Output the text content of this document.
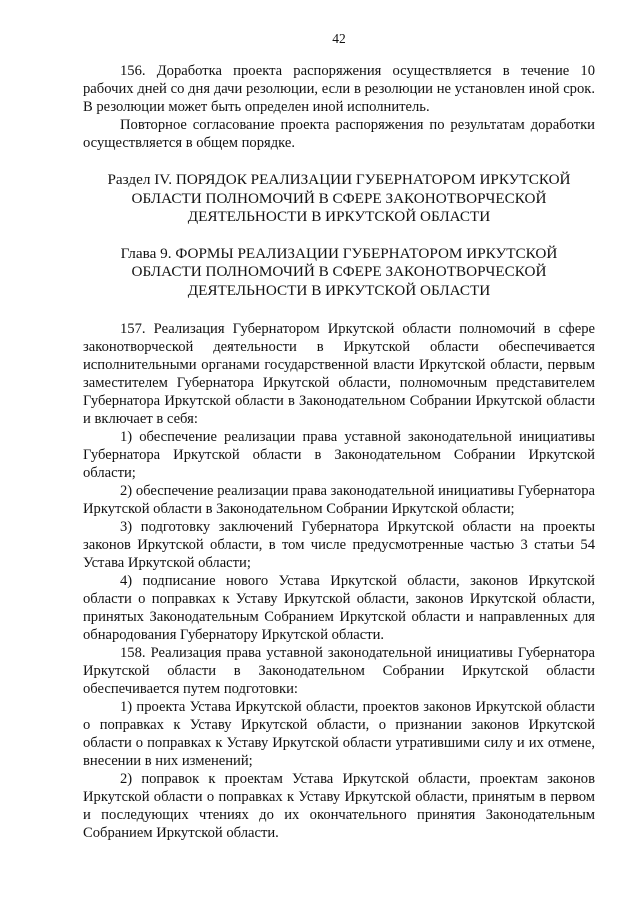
42

156. Доработка проекта распоряжения осуществляется в течение 10 рабочих дней со дня дачи резолюции, если в резолюции не установлен иной срок. В резолюции может быть определен иной исполнитель.

Повторное согласование проекта распоряжения по результатам доработки осуществляется в общем порядке.

Раздел IV. ПОРЯДОК РЕАЛИЗАЦИИ ГУБЕРНАТОРОМ ИРКУТСКОЙ ОБЛАСТИ ПОЛНОМОЧИЙ В СФЕРЕ ЗАКОНОТВОРЧЕСКОЙ ДЕЯТЕЛЬНОСТИ В ИРКУТСКОЙ ОБЛАСТИ

Глава 9. ФОРМЫ РЕАЛИЗАЦИИ ГУБЕРНАТОРОМ ИРКУТСКОЙ ОБЛАСТИ ПОЛНОМОЧИЙ В СФЕРЕ ЗАКОНОТВОРЧЕСКОЙ ДЕЯТЕЛЬНОСТИ В ИРКУТСКОЙ ОБЛАСТИ

157. Реализация Губернатором Иркутской области полномочий в сфере законотворческой деятельности в Иркутской области обеспечивается исполнительными органами государственной власти Иркутской области, первым заместителем Губернатора Иркутской области, полномочным представителем Губернатора Иркутской области в Законодательном Собрании Иркутской области и включает в себя:

1) обеспечение реализации права уставной законодательной инициативы Губернатора Иркутской области в Законодательном Собрании Иркутской области;

2) обеспечение реализации права законодательной инициативы Губернатора Иркутской области в Законодательном Собрании Иркутской области;

3) подготовку заключений Губернатора Иркутской области на проекты законов Иркутской области, в том числе предусмотренные частью 3 статьи 54 Устава Иркутской области;

4) подписание нового Устава Иркутской области, законов Иркутской области о поправках к Уставу Иркутской области, законов Иркутской области, принятых Законодательным Собранием Иркутской области и направленных для обнародования Губернатору Иркутской области.

158. Реализация права уставной законодательной инициативы Губернатора Иркутской области в Законодательном Собрании Иркутской области обеспечивается путем подготовки:

1) проекта Устава Иркутской области, проектов законов Иркутской области о поправках к Уставу Иркутской области, о признании законов Иркутской области о поправках к Уставу Иркутской области утратившими силу и их отмене, внесении в них изменений;

2) поправок к проектам Устава Иркутской области, проектам законов Иркутской области о поправках к Уставу Иркутской области, принятым в первом и последующих чтениях до их окончательного принятия Законодательным Собранием Иркутской области.
